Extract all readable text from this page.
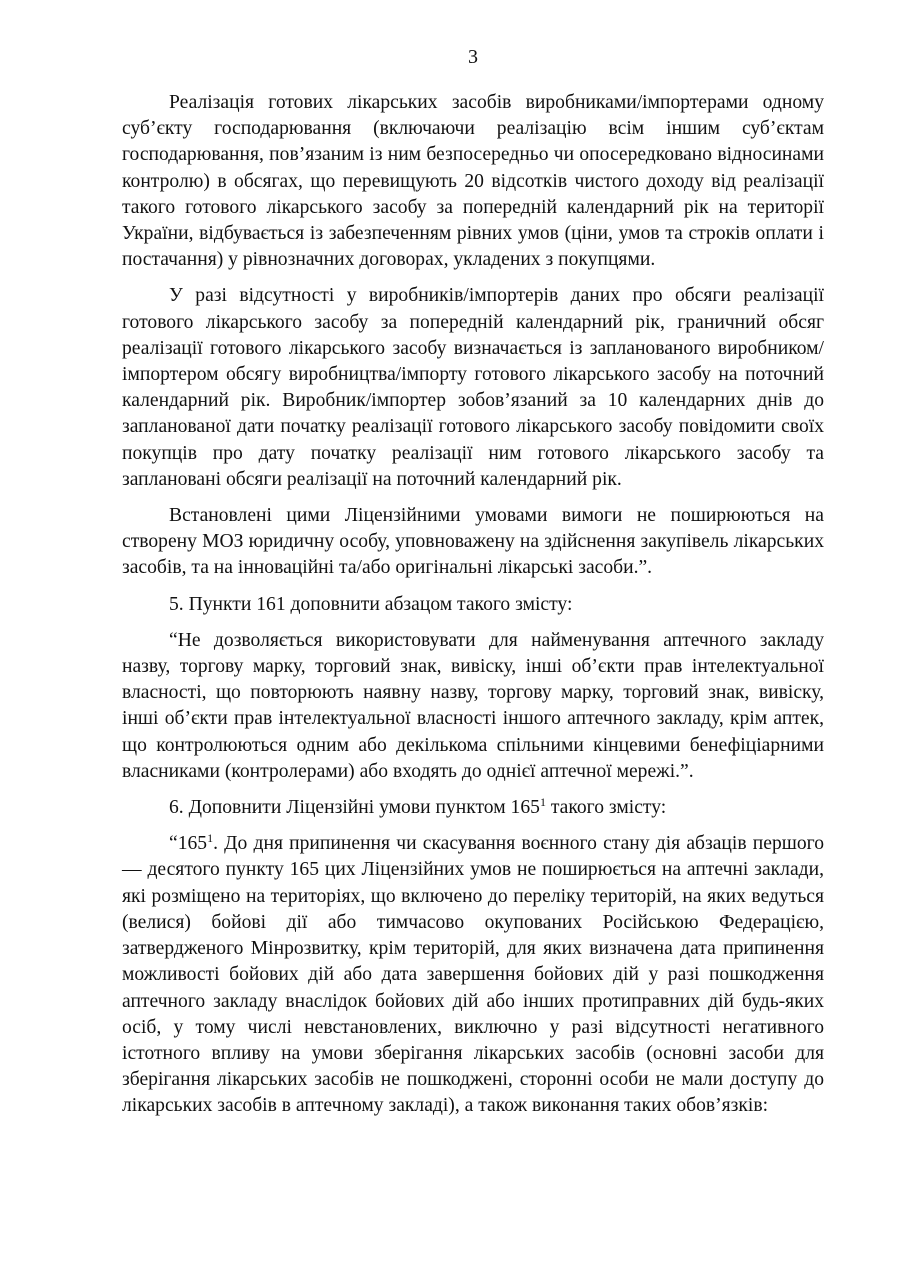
3

Реалізація готових лікарських засобів виробниками/імпортерами одному суб’єкту господарювання (включаючи реалізацію всім іншим суб’єктам господарювання, пов’язаним із ним безпосередньо чи опосередковано відносинами контролю) в обсягах, що перевищують 20 відсотків чистого доходу від реалізації такого готового лікарського засобу за попередній календарний рік на території України, відбувається із забезпеченням рівних умов (ціни, умов та строків оплати і постачання) у рівнозначних договорах, укладених з покупцями.

У разі відсутності у виробників/імпортерів даних про обсяги реалізації готового лікарського засобу за попередній календарний рік, граничний обсяг реалізації готового лікарського засобу визначається із запланованого виробником/імпортером обсягу виробництва/імпорту готового лікарського засобу на поточний календарний рік. Виробник/імпортер зобов’язаний за 10 календарних днів до запланованої дати початку реалізації готового лікарського засобу повідомити своїх покупців про дату початку реалізації ним готового лікарського засобу та заплановані обсяги реалізації на поточний календарний рік.

Встановлені цими Ліцензійними умовами вимоги не поширюються на створену МОЗ юридичну особу, уповноважену на здійснення закупівель лікарських засобів, та на інноваційні та/або оригінальні лікарські засоби.”.

5. Пункти 161 доповнити абзацом такого змісту:

“Не дозволяється використовувати для найменування аптечного закладу назву, торгову марку, торговий знак, вивіску, інші об’єкти прав інтелектуальної власності, що повторюють наявну назву, торгову марку, торговий знак, вивіску, інші об’єкти прав інтелектуальної власності іншого аптечного закладу, крім аптек, що контролюються одним або декількома спільними кінцевими бенефіціарними власниками (контролерами) або входять до однієї аптечної мережі.”.

6. Доповнити Ліцензійні умови пунктом $165^1$ такого змісту:

“$165^1$. До дня припинення чи скасування воєнного стану дія абзаців першого — десятого пункту 165 цих Ліцензійних умов не поширюється на аптечні заклади, які розміщено на територіях, що включено до переліку територій, на яких ведуться (велися) бойові дії або тимчасово окупованих Російською Федерацією, затвердженого Мінрозвитку, крім територій, для яких визначена дата припинення можливості бойових дій або дата завершення бойових дій у разі пошкодження аптечного закладу внаслідок бойових дій або інших протиправних дій будь-яких осіб, у тому числі невстановлених, виключно у разі відсутності негативного істотного впливу на умови зберігання лікарських засобів (основні засоби для зберігання лікарських засобів не пошкоджені, сторонні особи не мали доступу до лікарських засобів в аптечному закладі), а також виконання таких обов’язків:
